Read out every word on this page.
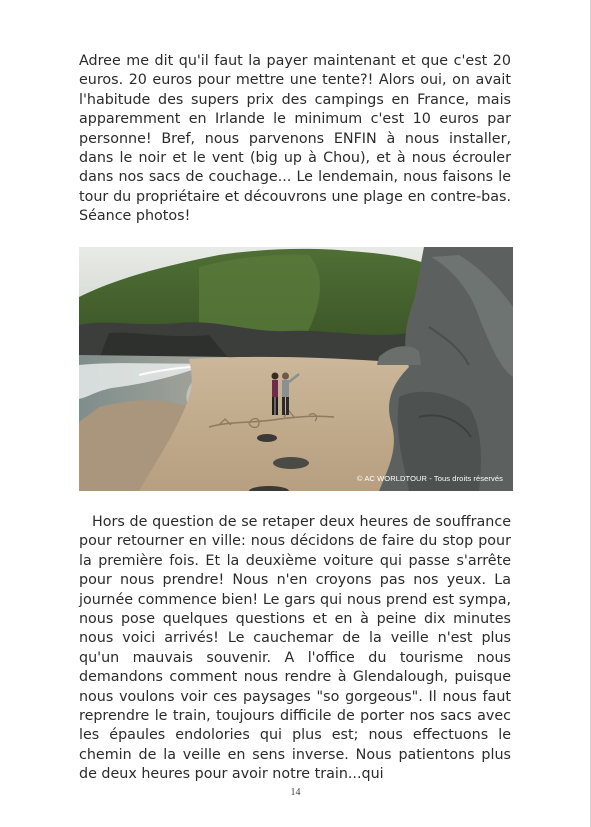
Adree me dit qu'il faut la payer maintenant et que c'est 20 euros. 20 euros pour mettre une tente?! Alors oui, on avait l'habitude des supers prix des campings en France, mais apparemment en Irlande le minimum c'est 10 euros par personne! Bref, nous parvenons ENFIN à nous installer, dans le noir et le vent (big up à Chou), et à nous écrouler dans nos sacs de couchage... Le lendemain, nous faisons le tour du propriétaire et découvrons une plage en contre-bas. Séance photos!

© AC WORLDTOUR - Tous droits réservés

Hors de question de se retaper deux heures de souffrance pour retourner en ville: nous décidons de faire du stop pour la première fois. Et la deuxième voiture qui passe s'arrête pour nous prendre! Nous n'en croyons pas nos yeux. La journée commence bien! Le gars qui nous prend est sympa, nous pose quelques questions et en à peine dix minutes nous voici arrivés! Le cauchemar de la veille n'est plus qu'un mauvais souvenir. A l'office du tourisme nous demandons comment nous rendre à Glendalough, puisque nous voulons voir ces paysages "so gorgeous". Il nous faut reprendre le train, toujours difficile de porter nos sacs avec les épaules endolories qui plus est; nous effectuons le chemin de la veille en sens inverse. Nous patientons plus de deux heures pour avoir notre train...qui

14
